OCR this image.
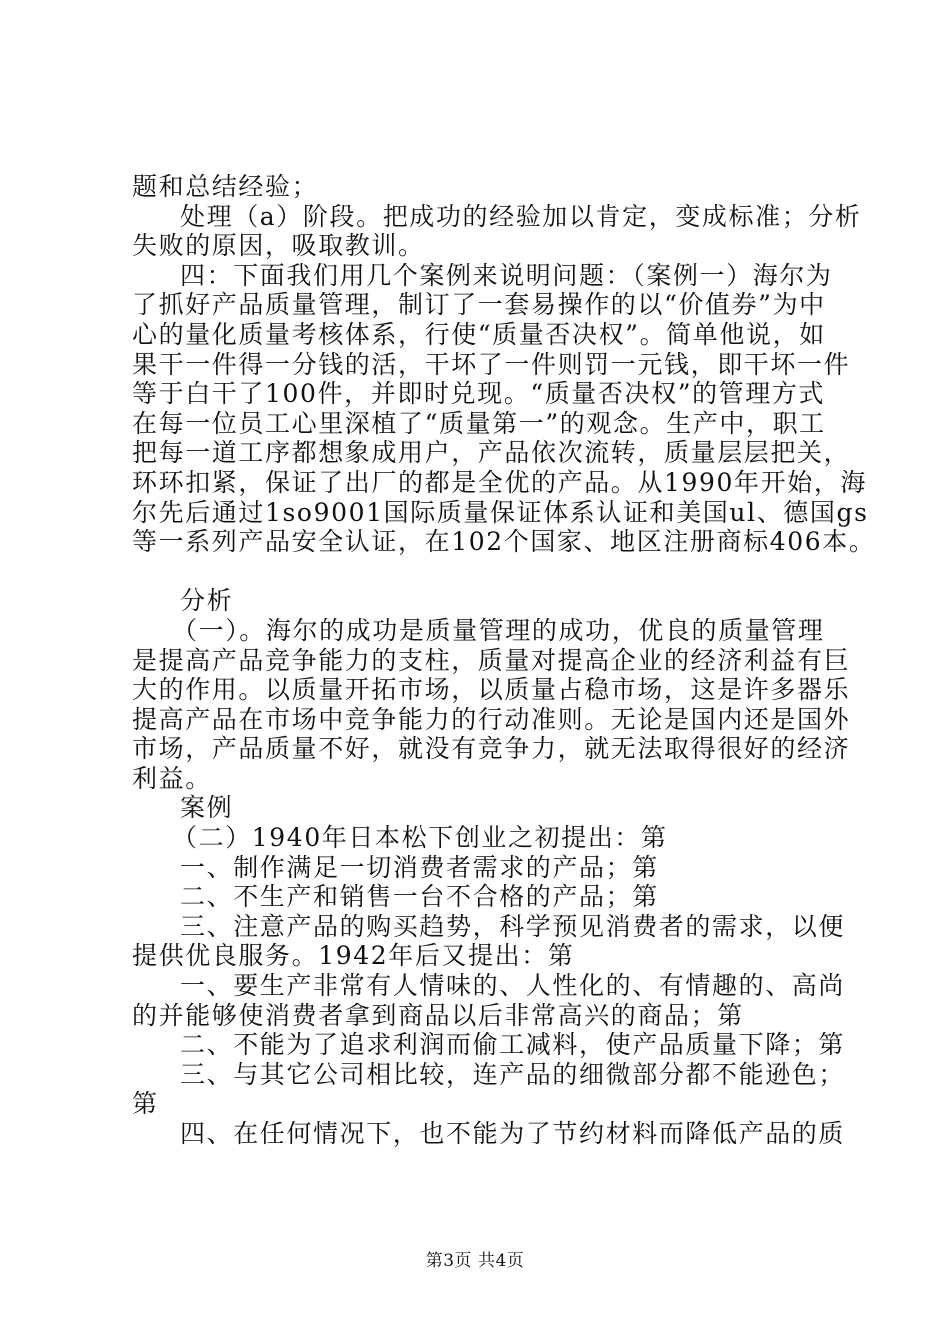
题和总结经验；
处理（a）阶段。把成功的经验加以肯定，变成标准；分析
失败的原因，吸取教训。
四：下面我们用几个案例来说明问题：（案例一）海尔为
了抓好产品质量管理，制订了一套易操作的以“价值券”为中
心的量化质量考核体系，行使“质量否决权”。简单他说，如
果干一件得一分钱的活，干坏了一件则罚一元钱，即干坏一件
等于白干了100件，并即时兑现。“质量否决权”的管理方式
在每一位员工心里深植了“质量第一”的观念。生产中，职工
把每一道工序都想象成用户，产品依次流转，质量层层把关，
环环扣紧，保证了出厂的都是全优的产品。从1990年开始，海
尔先后通过1so9001国际质量保证体系认证和美国ul、德国gs
等一系列产品安全认证，在102个国家、地区注册商标406本。
分析
（一）。海尔的成功是质量管理的成功，优良的质量管理
是提高产品竞争能力的支柱，质量对提高企业的经济利益有巨
大的作用。以质量开拓市场，以质量占稳市场，这是许多器乐
提高产品在市场中竞争能力的行动准则。无论是国内还是国外
市场，产品质量不好，就没有竞争力，就无法取得很好的经济
利益。
案例
（二）1940年日本松下创业之初提出：第
一、制作满足一切消费者需求的产品；第
二、不生产和销售一台不合格的产品；第
三、注意产品的购买趋势，科学预见消费者的需求，以便
提供优良服务。1942年后又提出：第
一、要生产非常有人情味的、人性化的、有情趣的、高尚
的并能够使消费者拿到商品以后非常高兴的商品；第
二、不能为了追求利润而偷工减料，使产品质量下降；第
三、与其它公司相比较，连产品的细微部分都不能逊色；
第
四、在任何情况下，也不能为了节约材料而降低产品的质
第3页 共4页
